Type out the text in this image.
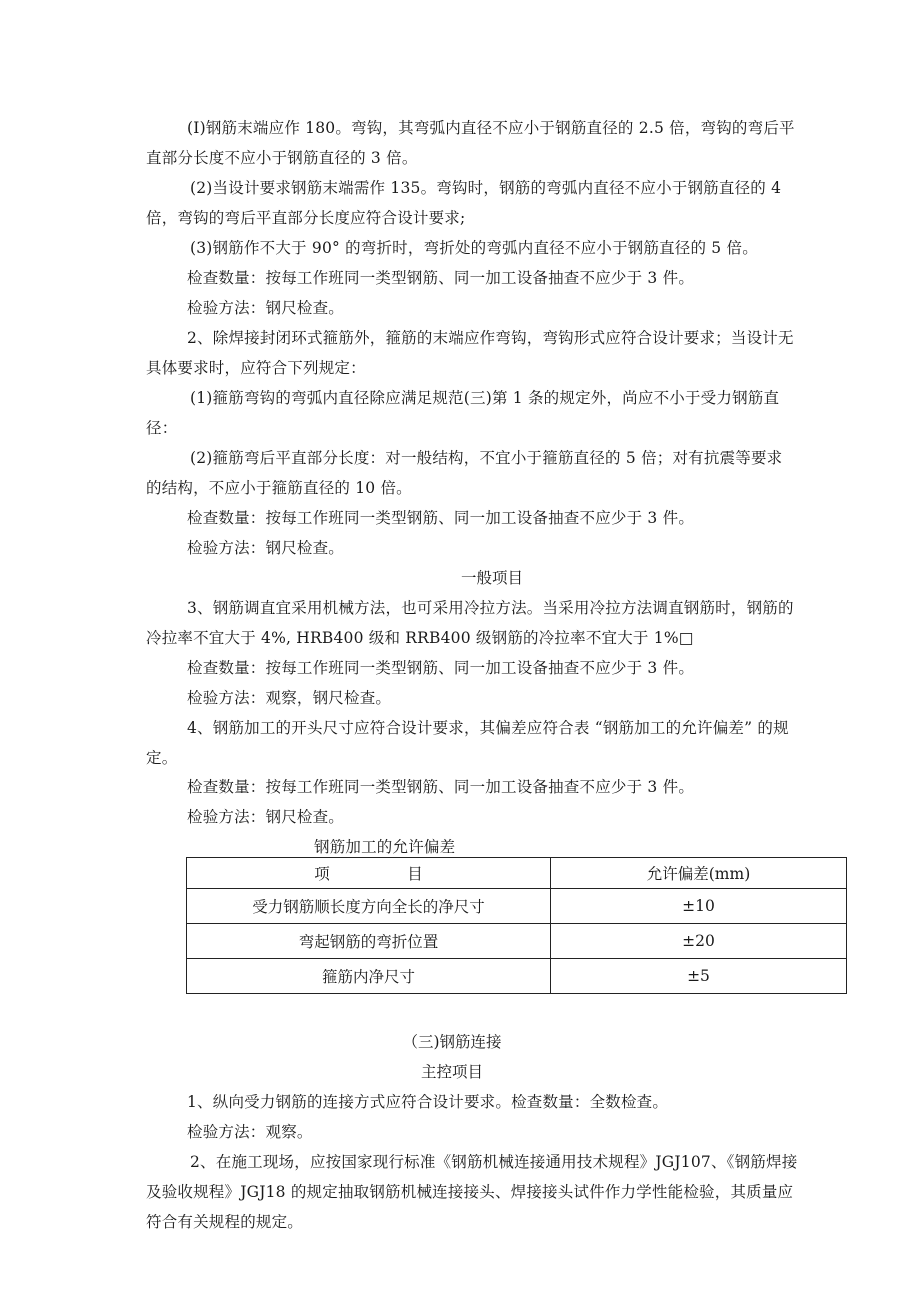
(Ⅰ)钢筋末端应作 180。弯钩，其弯弧内直径不应小于钢筋直径的 2.5 倍，弯钩的弯后平
直部分长度不应小于钢筋直径的 3 倍。
(2)当设计要求钢筋末端需作 135。弯钩时，钢筋的弯弧内直径不应小于钢筋直径的 4
倍，弯钩的弯后平直部分长度应符合设计要求;
(3)钢筋作不大于 90° 的弯折时，弯折处的弯弧内直径不应小于钢筋直径的 5 倍。
检查数量：按每工作班同一类型钢筋、同一加工设备抽查不应少于 3 件。
检验方法：钢尺检查。
2、除焊接封闭环式箍筋外，箍筋的末端应作弯钩，弯钩形式应符合设计要求；当设计无
具体要求时，应符合下列规定：
(1)箍筋弯钩的弯弧内直径除应满足规范(三)第 1 条的规定外，尚应不小于受力钢筋直
径：
(2)箍筋弯后平直部分长度：对一般结构，不宜小于箍筋直径的 5 倍；对有抗震等要求
的结构，不应小于箍筋直径的 10 倍。
检查数量：按每工作班同一类型钢筋、同一加工设备抽查不应少于 3 件。
检验方法：钢尺检查。
一般项目
3、钢筋调直宜采用机械方法，也可采用冷拉方法。当采用冷拉方法调直钢筋时，钢筋的
冷拉率不宜大于 4%, HRB400 级和 RRB400 级钢筋的冷拉率不宜大于 1%□
检查数量：按每工作班同一类型钢筋、同一加工设备抽查不应少于 3 件。
检验方法：观察，钢尺检查。
4、钢筋加工的开头尺寸应符合设计要求，其偏差应符合表 “钢筋加工的允许偏差” 的规
定。
检查数量：按每工作班同一类型钢筋、同一加工设备抽查不应少于 3 件。
检验方法：钢尺检查。
钢筋加工的允许偏差
项　　　　　目	允许偏差(mm)
受力钢筋顺长度方向全长的净尺寸	±10
弯起钢筋的弯折位置	±20
箍筋内净尺寸	±5
（三)钢筋连接
主控项目
1、纵向受力钢筋的连接方式应符合设计要求。检查数量：全数检查。
检验方法：观察。
2、在施工现场，应按国家现行标准《钢筋机械连接通用技术规程》JGJ107、《钢筋焊接
及验收规程》JGJ18 的规定抽取钢筋机械连接接头、焊接接头试件作力学性能检验，其质量应
符合有关规程的规定。
